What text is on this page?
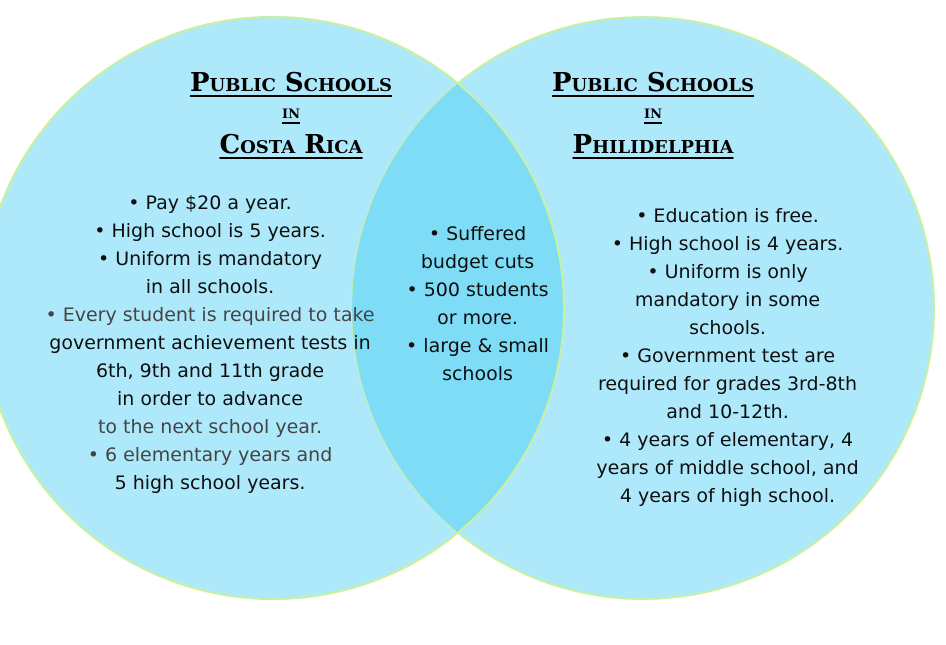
Public Schools
in
Costa Rica
Public Schools
in
Philidelphia
• Pay $20 a year.
• High school is 5 years.
• Uniform is mandatory
in all schools.
• Every student is required to take
government achievement tests in
6th, 9th and 11th grade
in order to advance
to the next school year.
• 6 elementary years and
5 high school years.
• Suffered
budget cuts
• 500 students
or more.
• large & small
schools
• Education is free.
• High school is 4 years.
• Uniform is only
mandatory in some
schools.
• Government test are
required for grades 3rd-8th
and 10-12th.
• 4 years of elementary, 4
years of middle school, and
4 years of high school.
